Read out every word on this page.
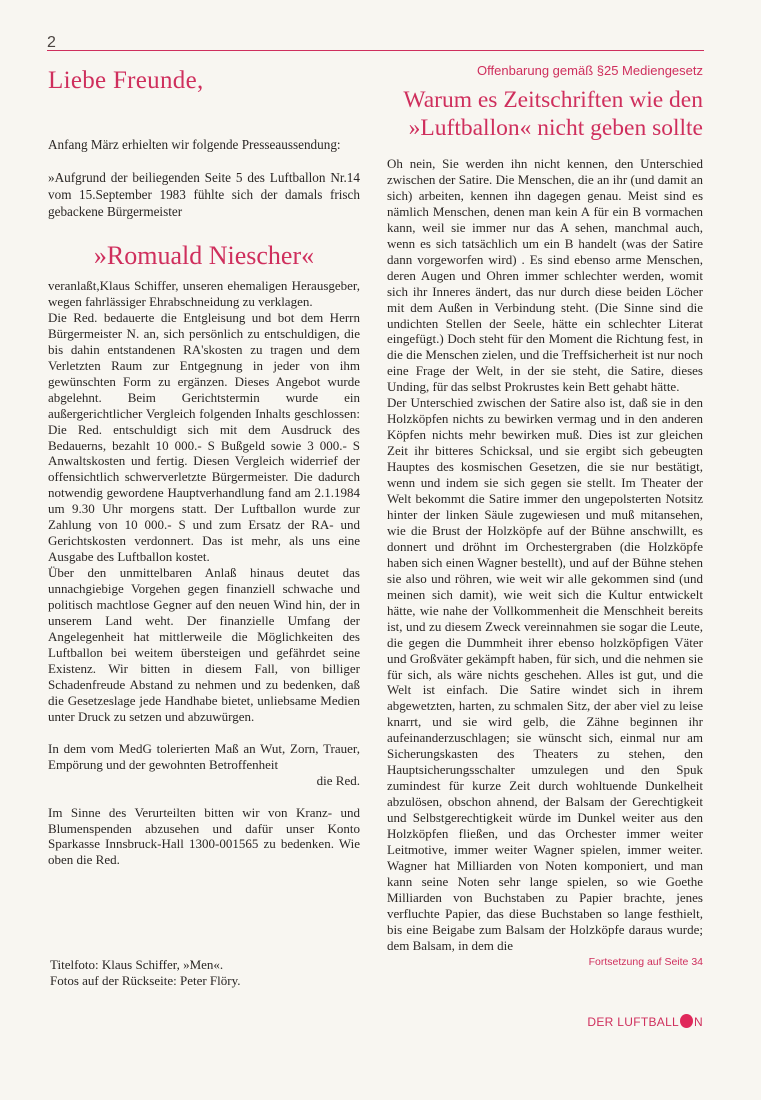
2
Liebe Freunde,
Anfang März erhielten wir folgende Presseaussendung:
»Aufgrund der beiliegenden Seite 5 des Luftballon Nr.14 vom 15.September 1983 fühlte sich der damals frisch gebackene Bürgermeister
»Romuald Niescher«

veranlaßt,Klaus Schiffer, unseren ehemaligen Herausgeber, wegen fahrlässiger Ehrabschneidung zu verklagen.

Die Red. bedauerte die Entgleisung und bot dem Herrn Bürgermeister N. an, sich persönlich zu entschuldigen, die bis dahin entstandenen RA'skosten zu tragen und dem Verletzten Raum zur Entgegnung in jeder von ihm gewünschten Form zu ergänzen. Dieses Angebot wurde abgelehnt. Beim Gerichtstermin wurde ein außergerichtlicher Vergleich folgenden Inhalts geschlossen: Die Red. entschuldigt sich mit dem Ausdruck des Bedauerns, bezahlt 10 000.- S Bußgeld sowie 3 000.- S Anwaltskosten und fertig. Diesen Vergleich widerrief der offensichtlich schwerverletzte Bürgermeister. Die dadurch notwendig gewordene Hauptverhandlung fand am 2.1.1984 um 9.30 Uhr morgens statt. Der Luftballon wurde zur Zahlung von 10 000.- S und zum Ersatz der RA- und Gerichtskosten verdonnert. Das ist mehr, als uns eine Ausgabe des Luftballon kostet.

Über den unmittelbaren Anlaß hinaus deutet das unnachgiebige Vorgehen gegen finanziell schwache und politisch machtlose Gegner auf den neuen Wind hin, der in unserem Land weht. Der finanzielle Umfang der Angelegenheit hat mittlerweile die Möglichkeiten des Luftballon bei weitem übersteigen und gefährdet seine Existenz. Wir bitten in diesem Fall, von billiger Schadenfreude Abstand zu nehmen und zu bedenken, daß die Gesetzeslage jede Handhabe bietet, unliebsame Medien unter Druck zu setzen und abzuwürgen.

In dem vom MedG tolerierten Maß an Wut, Zorn, Trauer, Empörung und der gewohnten Betroffenheit

die Red.

Im Sinne des Verurteilten bitten wir von Kranz- und Blumenspenden abzusehen und dafür unser Konto Sparkasse Innsbruck-Hall 1300-001565 zu bedenken. Wie oben die Red.

Titelfoto: Klaus Schiffer, »Men«.
Fotos auf der Rückseite: Peter Flöry.
Offenbarung gemäß §25 Mediengesetz
Warum es Zeitschriften wie den »Luftballon« nicht geben sollte

Oh nein, Sie werden ihn nicht kennen, den Unterschied zwischen der Satire. Die Menschen, die an ihr (und damit an sich) arbeiten, kennen ihn dagegen genau. Meist sind es nämlich Menschen, denen man kein A für ein B vormachen kann, weil sie immer nur das A sehen, manchmal auch, wenn es sich tatsächlich um ein B handelt (was der Satire dann vorgeworfen wird) . Es sind ebenso arme Menschen, deren Augen und Ohren immer schlechter werden, womit sich ihr Inneres ändert, das nur durch diese beiden Löcher mit dem Außen in Verbindung steht. (Die Sinne sind die undichten Stellen der Seele, hätte ein schlechter Literat eingefügt.) Doch steht für den Moment die Richtung fest, in die die Menschen zielen, und die Treffsicherheit ist nur noch eine Frage der Welt, in der sie steht, die Satire, dieses Unding, für das selbst Prokrustes kein Bett gehabt hätte.

Der Unterschied zwischen der Satire also ist, daß sie in den Holzköpfen nichts zu bewirken vermag und in den anderen Köpfen nichts mehr bewirken muß. Dies ist zur gleichen Zeit ihr bitteres Schicksal, und sie ergibt sich gebeugten Hauptes des kosmischen Gesetzen, die sie nur bestätigt, wenn und indem sie sich gegen sie stellt. Im Theater der Welt bekommt die Satire immer den ungepolsterten Notsitz hinter der linken Säule zugewiesen und muß mitansehen, wie die Brust der Holzköpfe auf der Bühne anschwillt, es donnert und dröhnt im Orchestergraben (die Holzköpfe haben sich einen Wagner bestellt), und auf der Bühne stehen sie also und röhren, wie weit wir alle gekommen sind (und meinen sich damit), wie weit sich die Kultur entwickelt hätte, wie nahe der Vollkommenheit die Menschheit bereits ist, und zu diesem Zweck vereinnahmen sie sogar die Leute, die gegen die Dummheit ihrer ebenso holzköpfigen Väter und Großväter gekämpft haben, für sich, und die nehmen sie für sich, als wäre nichts geschehen. Alles ist gut, und die Welt ist einfach. Die Satire windet sich in ihrem abgewetzten, harten, zu schmalen Sitz, der aber viel zu leise knarrt, und sie wird gelb, die Zähne beginnen ihr aufeinanderzuschlagen; sie wünscht sich, einmal nur am Sicherungskasten des Theaters zu stehen, den Hauptsicherungsschalter umzulegen und den Spuk zumindest für kurze Zeit durch wohltuende Dunkelheit abzulösen, obschon ahnend, der Balsam der Gerechtigkeit und Selbstgerechtigkeit würde im Dunkel weiter aus den Holzköpfen fließen, und das Orchester immer weiter Leitmotive, immer weiter Wagner spielen, immer weiter. Wagner hat Milliarden von Noten komponiert, und man kann seine Noten sehr lange spielen, so wie Goethe Milliarden von Buchstaben zu Papier brachte, jenes verfluchte Papier, das diese Buchstaben so lange festhielt, bis eine Beigabe zum Balsam der Holzköpfe daraus wurde; dem Balsam, in dem die

Fortsetzung auf Seite 34
DER LUFTBALL N
